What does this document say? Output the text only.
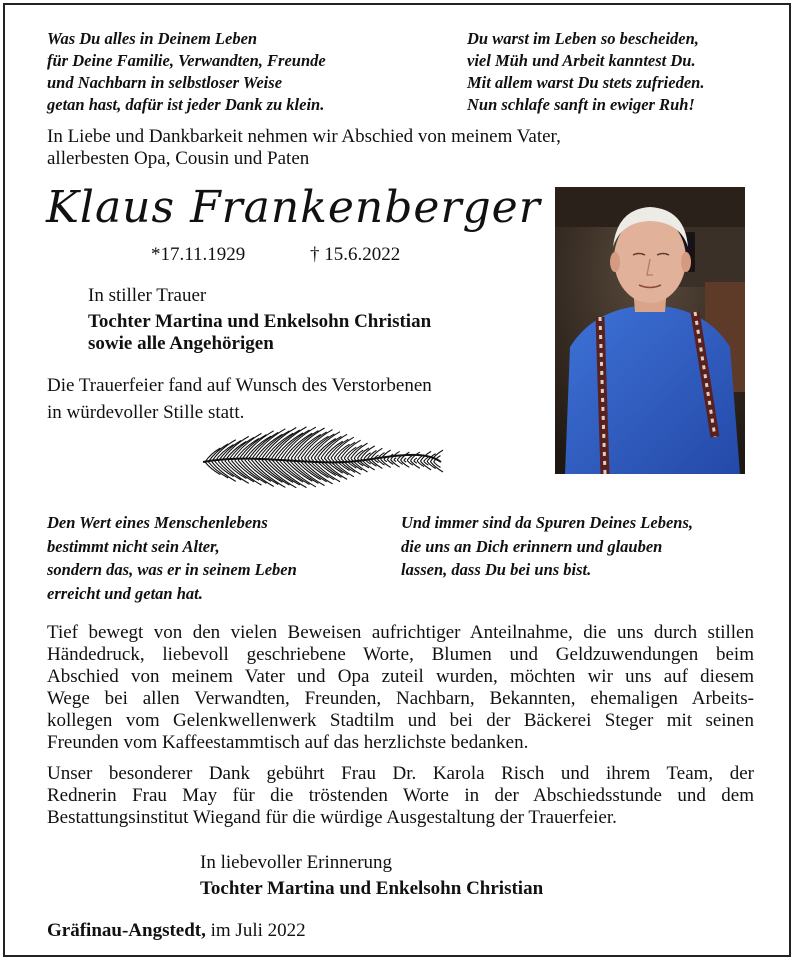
Was Du alles in Deinem Leben

für Deine Familie, Verwandten, Freunde

und Nachbarn in selbstloser Weise

getan hast, dafür ist jeder Dank zu klein.

Du warst im Leben so bescheiden,

viel Müh und Arbeit kanntest Du.

Mit allem warst Du stets zufrieden.

Nun schlafe sanft in ewiger Ruh!

In Liebe und Dankbarkeit nehmen wir Abschied von meinem Vater,

allerbesten Opa, Cousin und Paten

Klaus Frankenberger
*17.11.1929	† 15.6.2022

In stiller Trauer

Tochter Martina und Enkelsohn Christian

sowie alle Angehörigen

Die Trauerfeier fand auf Wunsch des Verstorbenen

in würdevoller Stille statt.

Den Wert eines Menschenlebens

bestimmt nicht sein Alter,

sondern das, was er in seinem Leben

erreicht und getan hat.

Und immer sind da Spuren Deines Lebens,

die uns an Dich erinnern und glauben

lassen, dass Du bei uns bist.

Tief bewegt von den vielen Beweisen aufrichtiger Anteilnahme, die uns durch stillen
Händedruck, liebevoll geschriebene Worte, Blumen und Geldzuwendungen beim
Abschied von meinem Vater und Opa zuteil wurden, möchten wir uns auf diesem
Wege bei allen Verwandten, Freunden, Nachbarn, Bekannten, ehemaligen Arbeits-
kollegen vom Gelenkwellenwerk Stadtilm und bei der Bäckerei Steger mit seinen
Freunden vom Kaffeestammtisch auf das herzlichste bedanken.
Unser besonderer Dank gebührt Frau Dr. Karola Risch und ihrem Team, der
Rednerin Frau May für die tröstenden Worte in der Abschiedsstunde und dem
Bestattungsinstitut Wiegand für die würdige Ausgestaltung der Trauerfeier.

In liebevoller Erinnerung

Tochter Martina und Enkelsohn Christian

Gräfinau-Angstedt, im Juli 2022
